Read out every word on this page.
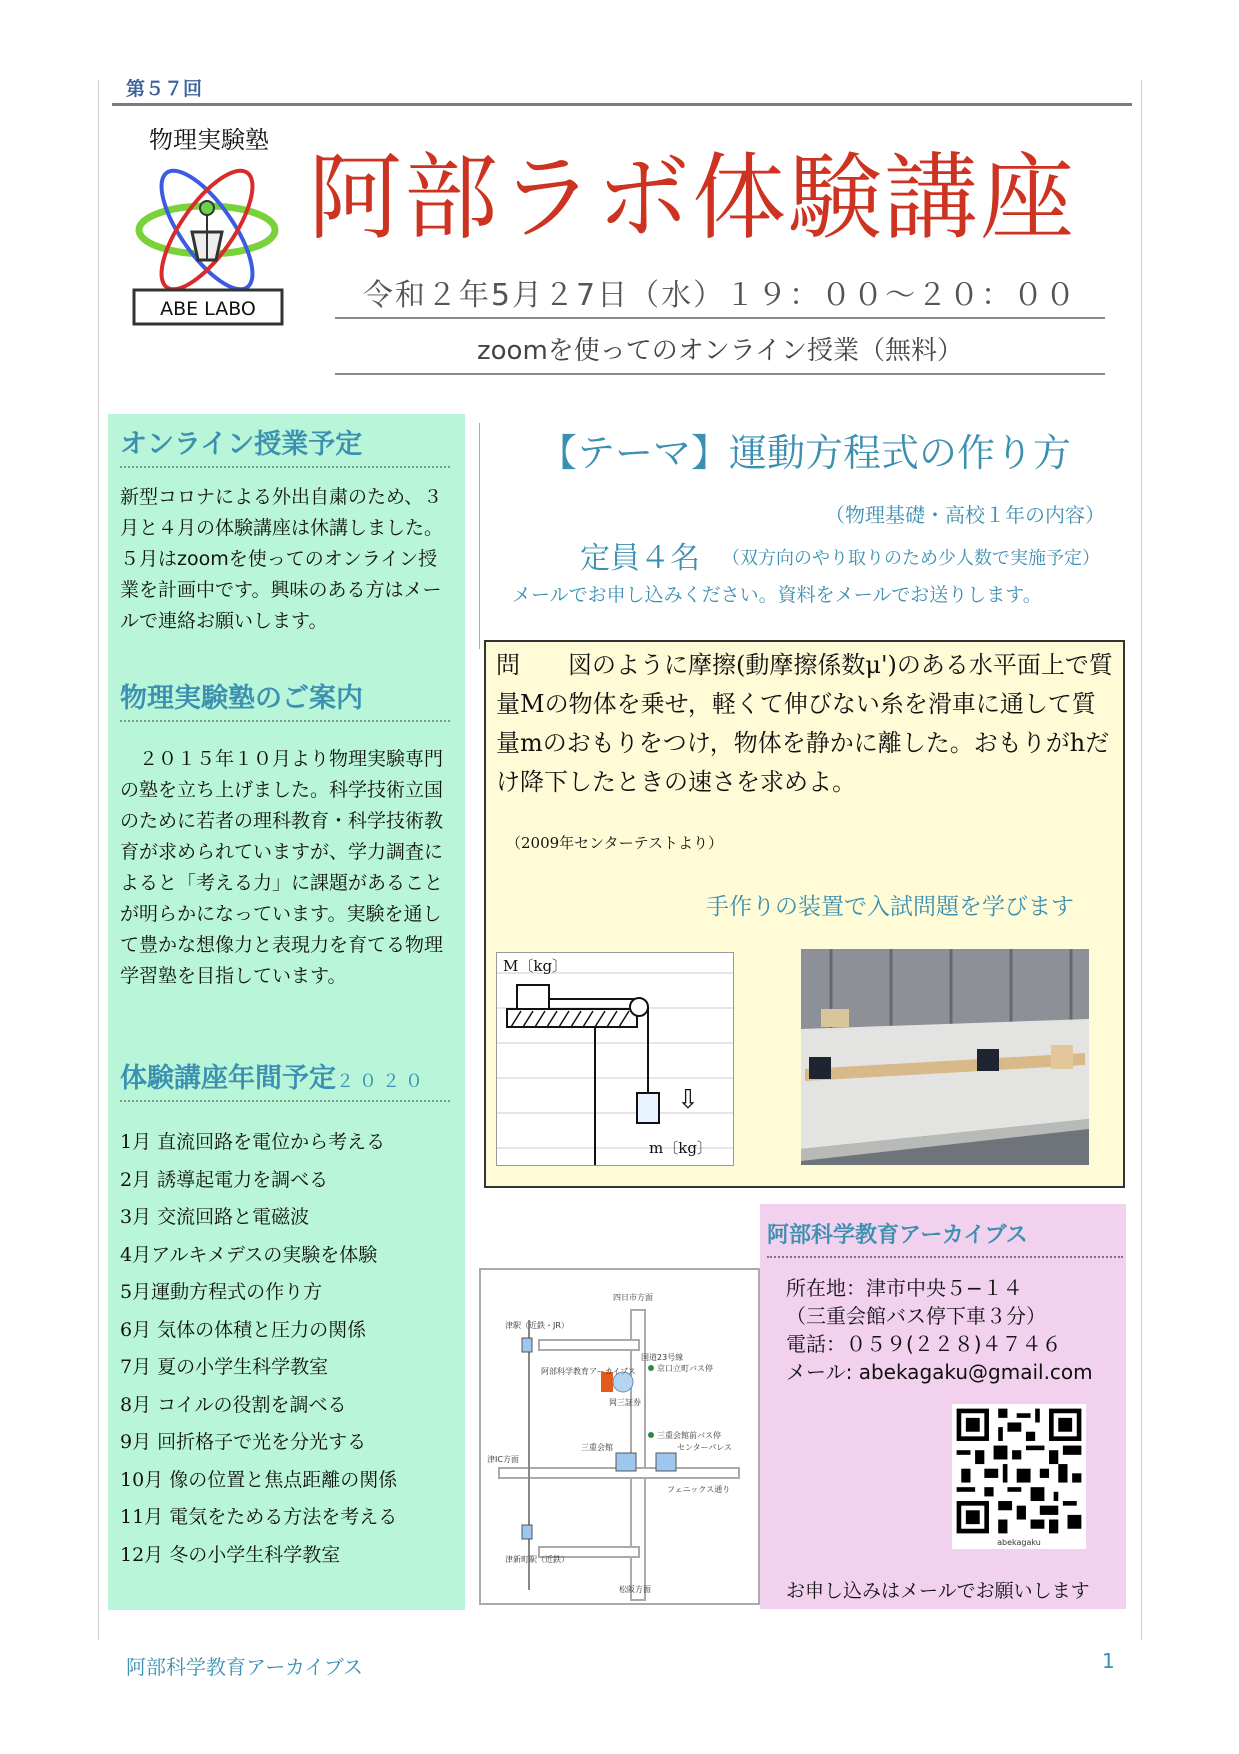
第５７回
物理実験塾
ABE LABO
阿部ラボ体験講座
令和２年5月２7日（水）１９：００〜２０：００
zoomを使ってのオンライン授業（無料）
オンライン授業予定
新型コロナによる外出自粛のため、３月と４月の体験講座は休講しました。５月はzoomを使ってのオンライン授業を計画中です。興味のある方はメールで連絡お願いします。
物理実験塾のご案内
　２０１５年１０月より物理実験専門の塾を立ち上げました。科学技術立国のために若者の理科教育・科学技術教育が求められていますが、学力調査によると「考える力」に課題があることが明らかになっています。実験を通して豊かな想像力と表現力を育てる物理学習塾を目指しています。
体験講座年間予定２０２０
1月 直流回路を電位から考える
2月 誘導起電力を調べる
3月 交流回路と電磁波
4月アルキメデスの実験を体験
5月運動方程式の作り方
6月 気体の体積と圧力の関係
7月 夏の小学生科学教室
8月 コイルの役割を調べる
9月 回折格子で光を分光する
10月 像の位置と焦点距離の関係
11月 電気をためる方法を考える
12月 冬の小学生科学教室
【テーマ】運動方程式の作り方
（物理基礎・高校１年の内容）
定員４名 （双方向のやり取りのため少人数で実施予定）
メールでお申し込みください。資料をメールでお送りします。
問　　図のように摩擦(動摩擦係数μ')のある水平面上で質量Mの物体を乗せ，軽くて伸びない糸を滑車に通して質量mのおもりをつけ，物体を静かに離した。おもりがhだけ降下したときの速さを求めよ。
（2009年センターテストより）
手作りの装置で入試問題を学びます
M〔kg〕
⇩
m〔kg〕
四日市方面
津駅（近鉄・JR）
国道23号線
京口立町バス停
阿部科学教育アーカイブス
岡三証券
三重会館前バス停
三重会館	センターパレス
津IC方面
フェニックス通り
津新町駅（近鉄）
松阪方面
阿部科学教育アーカイブス
所在地：津市中央５−１４
（三重会館バス停下車３分）
電話：０５９(２２８)４７４６
メール: abekagaku@gmail.com
abekagaku
お申し込みはメールでお願いします
阿部科学教育アーカイブス	1
